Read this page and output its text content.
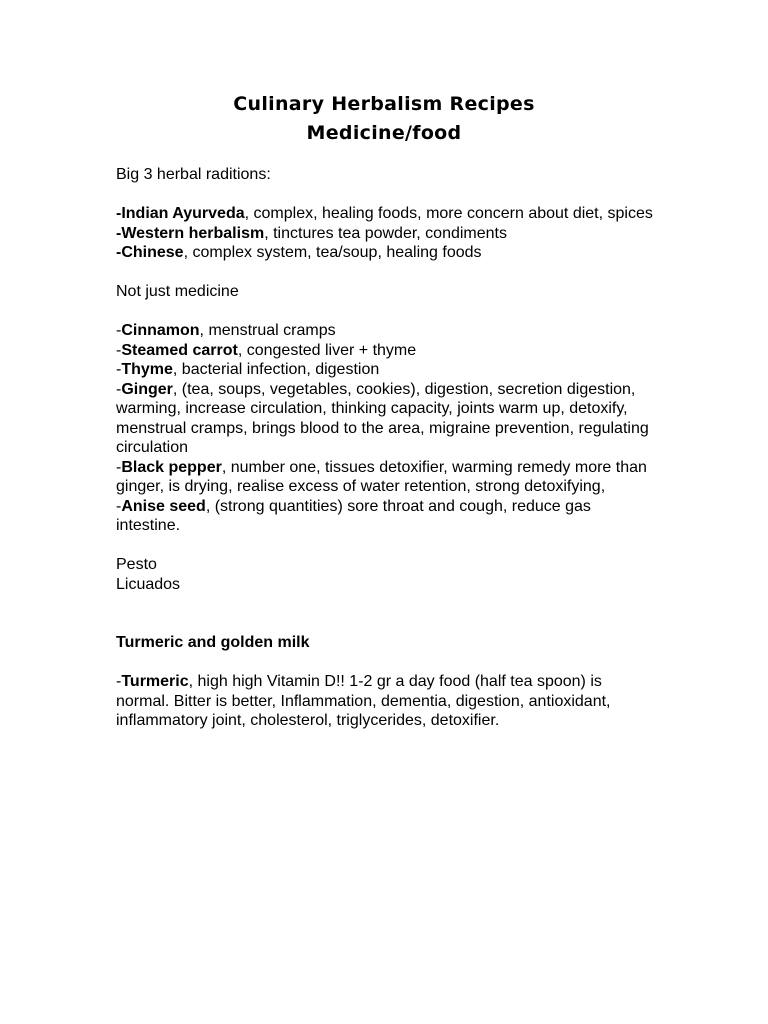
Culinary Herbalism Recipes
Medicine/food

Big 3 herbal raditions:

-Indian Ayurveda, complex, healing foods, more concern about diet, spices

-Western herbalism, tinctures tea powder, condiments

-Chinese, complex system, tea/soup, healing foods

Not just medicine

-Cinnamon, menstrual cramps

-Steamed carrot, congested liver + thyme

-Thyme, bacterial infection, digestion

-Ginger, (tea, soups, vegetables, cookies), digestion, secretion digestion, warming, increase circulation, thinking capacity, joints warm up, detoxify, menstrual cramps, brings blood to the area, migraine prevention, regulating circulation

-Black pepper, number one, tissues detoxifier, warming remedy more than ginger, is drying, realise excess of water retention, strong detoxifying,

-Anise seed, (strong quantities) sore throat and cough, reduce gas intestine.

Pesto

Licuados

Turmeric and golden milk

-Turmeric, high high Vitamin D!! 1-2 gr a day food (half tea spoon) is normal. Bitter is better, Inflammation, dementia, digestion, antioxidant, inflammatory joint, cholesterol, triglycerides, detoxifier.
